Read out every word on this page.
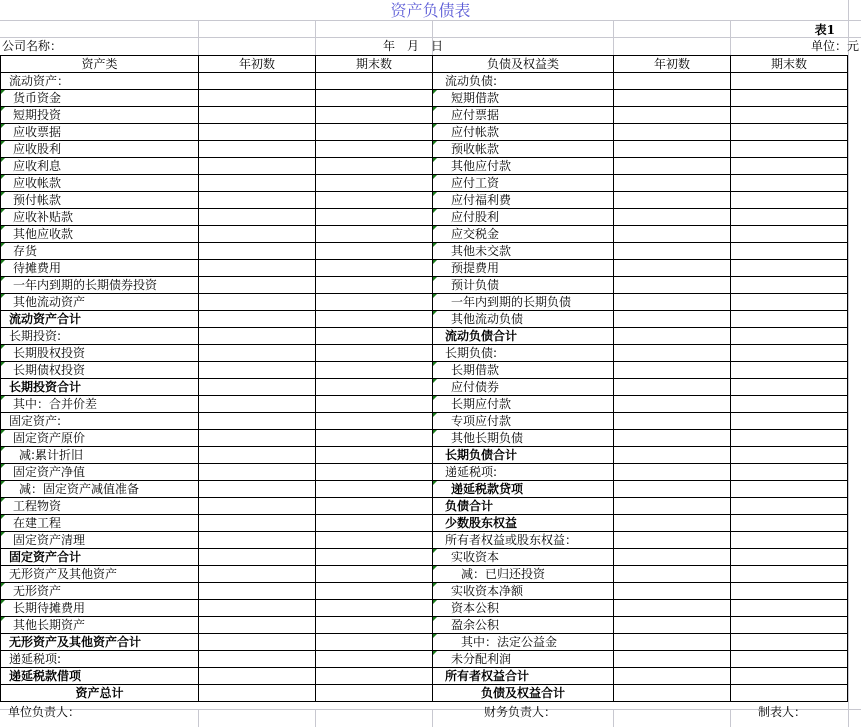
资产负债表
表1
公司名称：	年　月　日	单位：元
资产类	年初数	期末数	负债及权益类	年初数	期末数
流动资产：			流动负债:		

货币资金			短期借款		

短期投资			应付票据		

应收票据			应付帐款		

应收股利			预收帐款		

应收利息			其他应付款		

应收帐款			应付工资		

预付帐款			应付福利费		

应收补贴款			应付股利		

其他应收款			应交税金		

存货			其他未交款		

待摊费用			预提费用		

一年内到期的长期债券投资			预计负债		

其他流动资产			一年内到期的长期负债		
流动资产合计			其他流动负债		
长期投资:			流动负债合计		

长期股权投资			长期负债:		

长期债权投资			长期借款		
长期投资合计			应付债券		

其中：合并价差			长期应付款		
固定资产:			专项应付款		

固定资产原价			其他长期负债		

减:累计折旧			长期负债合计		

固定资产净值			递延税项:		

减：固定资产减值准备			递延税款贷项		

工程物资			负债合计		

在建工程			少数股东权益		

固定资产清理			所有者权益或股东权益：		
固定资产合计			实收资本		
无形资产及其他资产			减：已归还投资		

无形资产			实收资本净额		

长期待摊费用			资本公积		

其他长期资产			盈余公积		
无形资产及其他资产合计			其中：法定公益金		
递延税项:			未分配利润		
递延税款借项			所有者权益合计		
资产总计			负债及权益合计		
单位负责人：	财务负责人：	制表人：
